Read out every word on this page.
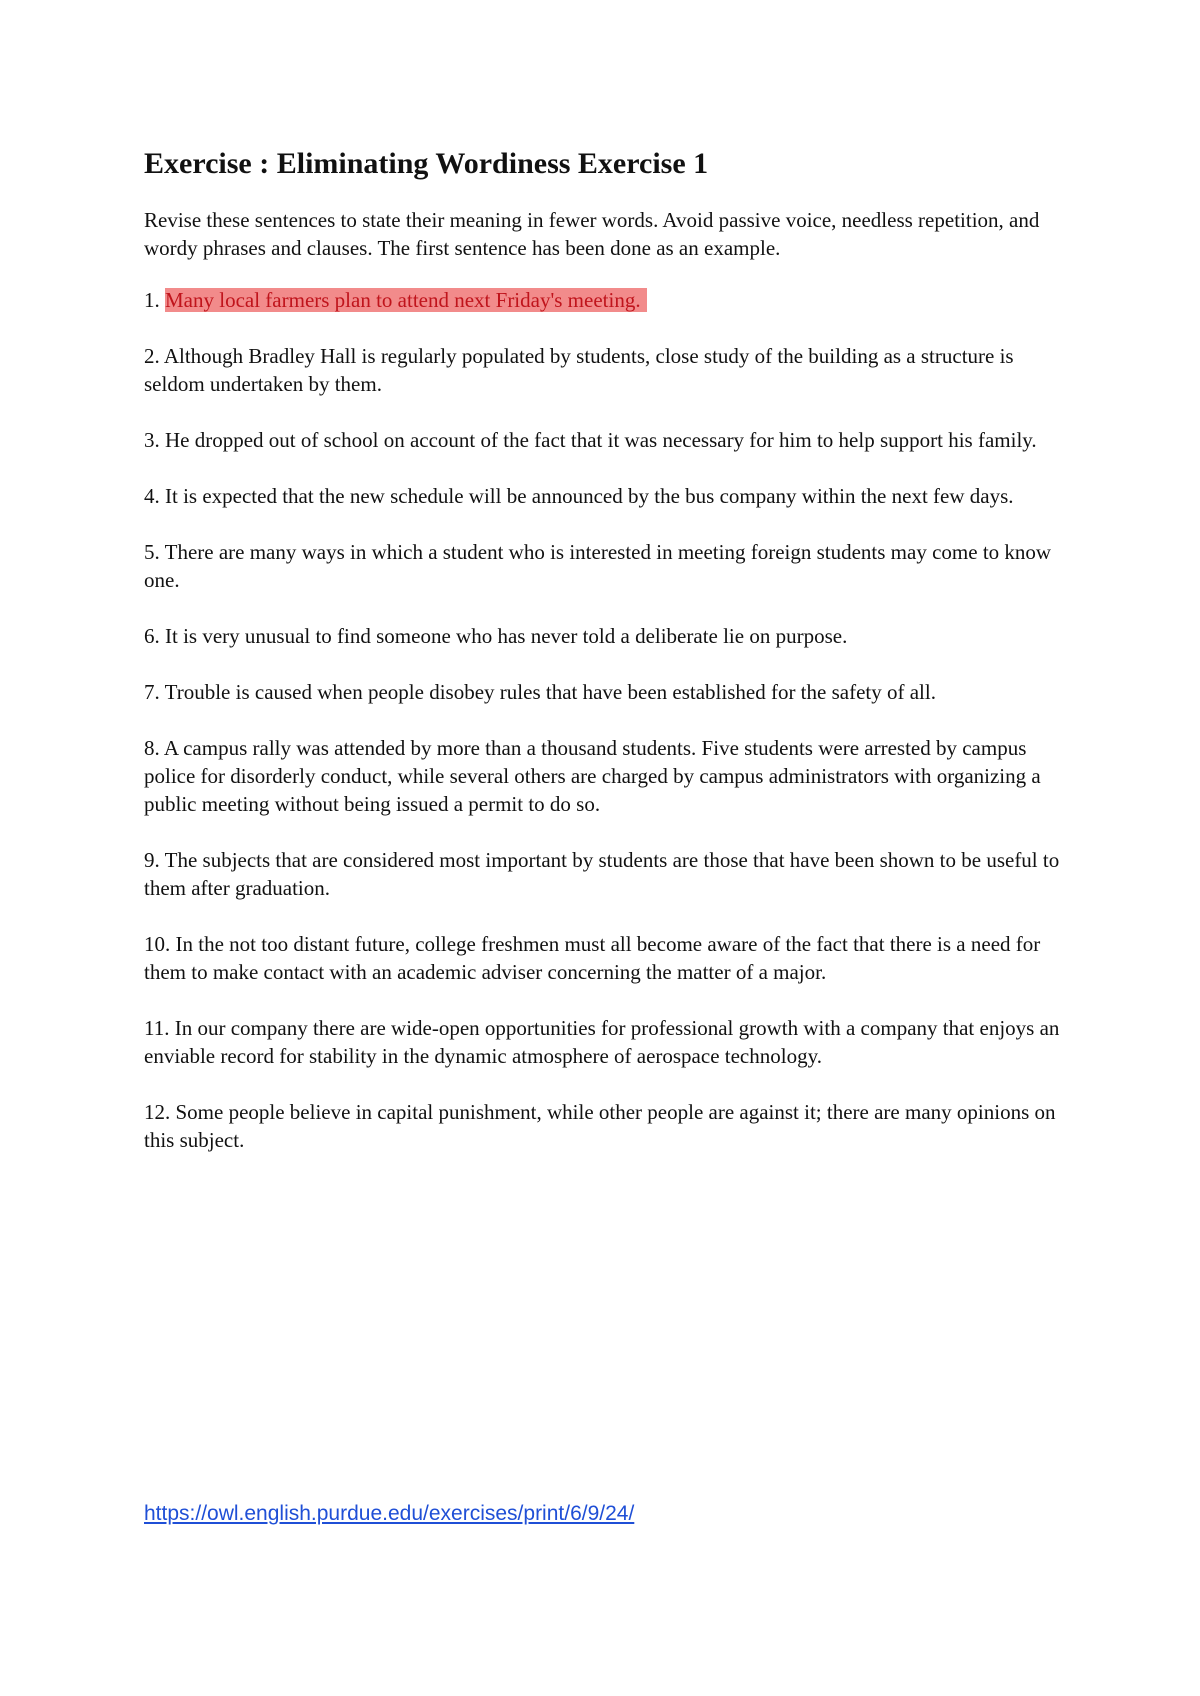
Exercise : Eliminating Wordiness Exercise 1

Revise these sentences to state their meaning in fewer words. Avoid passive voice, needless repetition, and wordy phrases and clauses. The first sentence has been done as an example.

1. Many local farmers plan to attend next Friday's meeting.

2. Although Bradley Hall is regularly populated by students, close study of the building as a structure is seldom undertaken by them.

3. He dropped out of school on account of the fact that it was necessary for him to help support his family.

4. It is expected that the new schedule will be announced by the bus company within the next few days.

5. There are many ways in which a student who is interested in meeting foreign students may come to know one.

6. It is very unusual to find someone who has never told a deliberate lie on purpose.

7. Trouble is caused when people disobey rules that have been established for the safety of all.

8. A campus rally was attended by more than a thousand students. Five students were arrested by campus police for disorderly conduct, while several others are charged by campus administrators with organizing a public meeting without being issued a permit to do so.

9. The subjects that are considered most important by students are those that have been shown to be useful to them after graduation.

10. In the not too distant future, college freshmen must all become aware of the fact that there is a need for them to make contact with an academic adviser concerning the matter of a major.

11. In our company there are wide-open opportunities for professional growth with a company that enjoys an enviable record for stability in the dynamic atmosphere of aerospace technology.

12. Some people believe in capital punishment, while other people are against it; there are many opinions on this subject.

https://owl.english.purdue.edu/exercises/print/6/9/24/
